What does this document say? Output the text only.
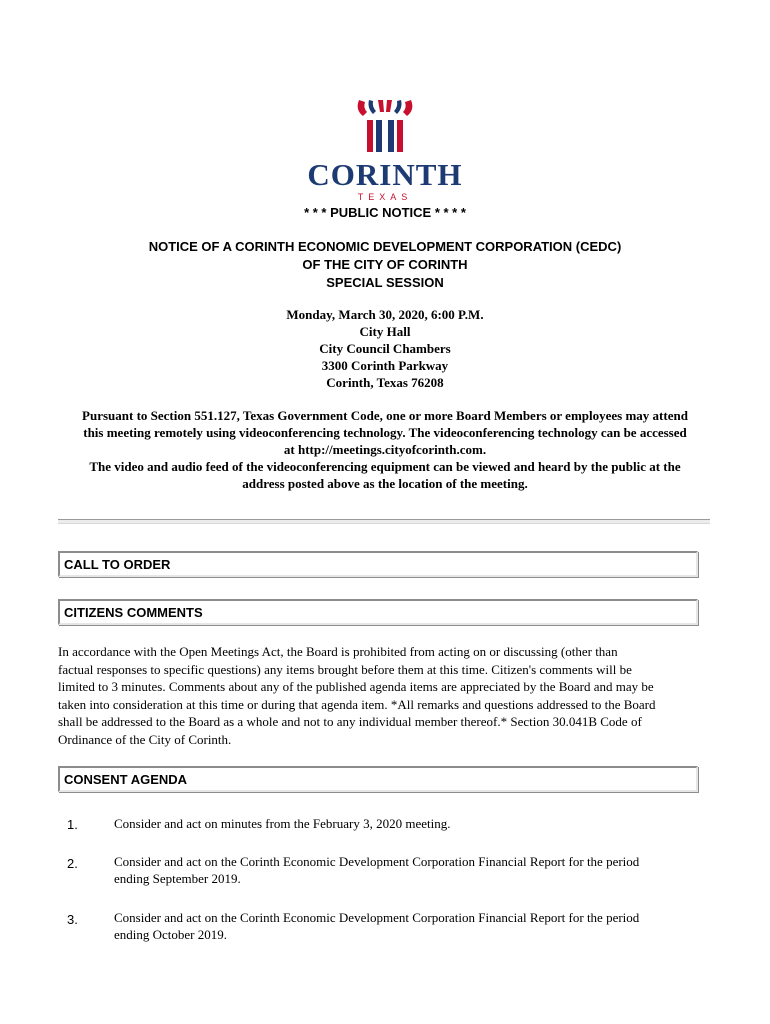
CORINTH
TEXAS
* * * PUBLIC NOTICE * * * *
NOTICE OF A CORINTH ECONOMIC DEVELOPMENT CORPORATION (CEDC)
OF THE CITY OF CORINTH
SPECIAL SESSION
Monday, March 30, 2020, 6:00 P.M.
City Hall
City Council Chambers
3300 Corinth Parkway
Corinth, Texas 76208
Pursuant to Section 551.127, Texas Government Code, one or more Board Members or employees may attend
this meeting remotely using videoconferencing technology. The videoconferencing technology can be accessed
at http://meetings.cityofcorinth.com.
The video and audio feed of the videoconferencing equipment can be viewed and heard by the public at the
address posted above as the location of the meeting.
CALL TO ORDER
CITIZENS COMMENTS
In accordance with the Open Meetings Act, the Board is prohibited from acting on or discussing (other than
factual responses to specific questions) any items brought before them at this time. Citizen's comments will be
limited to 3 minutes. Comments about any of the published agenda items are appreciated by the Board and may be
taken into consideration at this time or during that agenda item. *All remarks and questions addressed to the Board
shall be addressed to the Board as a whole and not to any individual member thereof.* Section 30.041B Code of
Ordinance of the City of Corinth.
CONSENT AGENDA
1.	Consider and act on minutes from the February 3, 2020 meeting.
2.	Consider and act on the Corinth Economic Development Corporation Financial Report for the period
ending September 2019.
3.	Consider and act on the Corinth Economic Development Corporation Financial Report for the period
ending October 2019.
